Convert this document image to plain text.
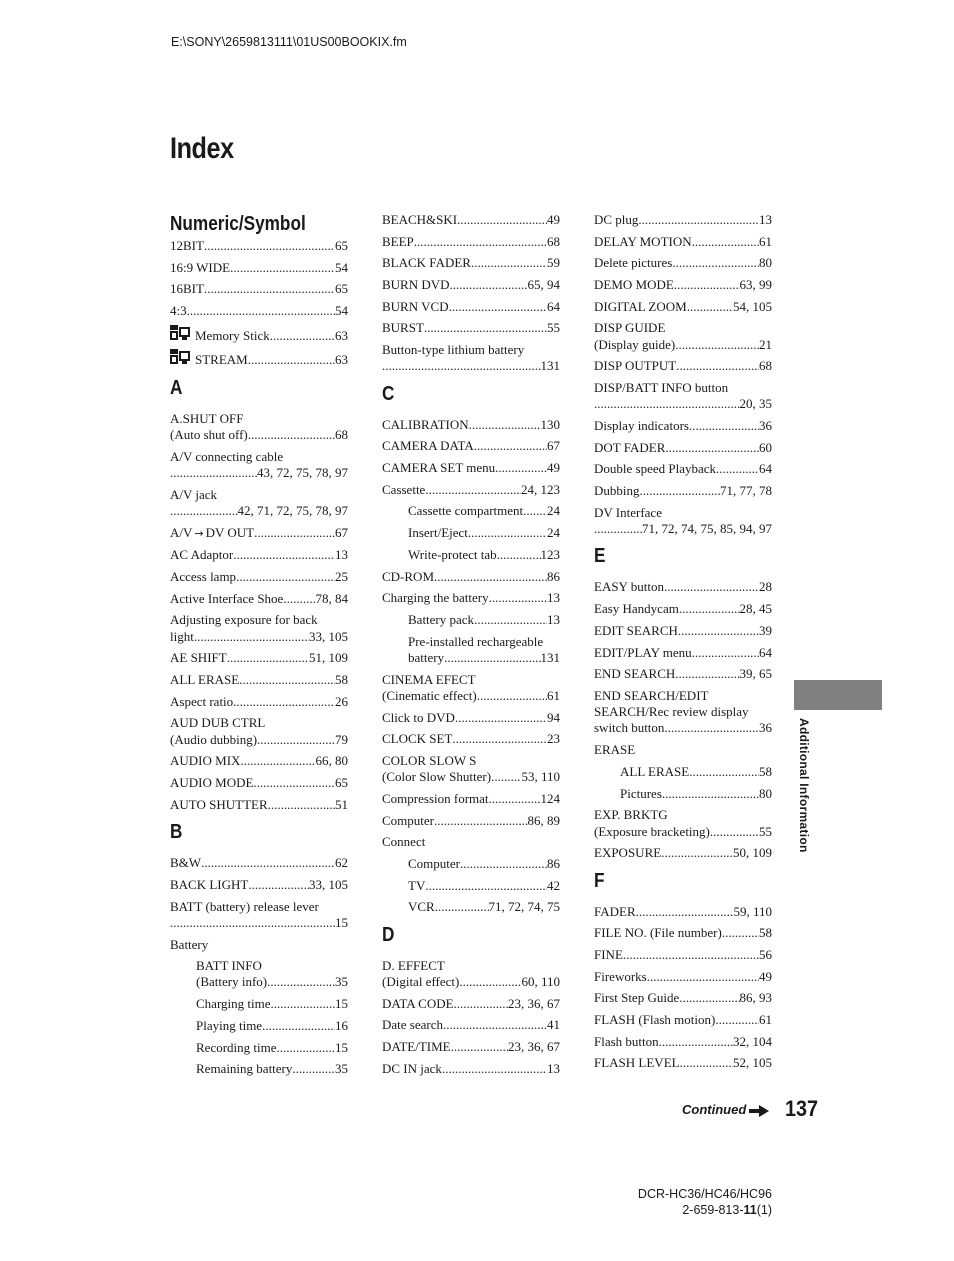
E:\SONY\2659813111\01US00BOOKIX.fm
Index
Numeric/Symbol
12BIT .....	65
16:9 WIDE .....	54
16BIT .....	65
4:3 .....	54
Memory Stick .....	63
STREAM .....	63
A
A.SHUT OFF
(Auto shut off) .....	68
A/V connecting cable
.....
43, 72, 75, 78, 97
A/V jack
.....
42, 71, 72, 75, 78, 97
A/V → DV OUT .....	67
AC Adaptor .....	13
Access lamp .....	25
Active Interface Shoe ..... 78, 84
Adjusting exposure for back
light .....	33, 105
AE SHIFT .....	51, 109
ALL ERASE .....	58
Aspect ratio .....	26
AUD DUB CTRL
(Audio dubbing) .....	79
AUDIO MIX .....	66, 80
AUDIO MODE .....	65
AUTO SHUTTER .....	51
B
B&W .....	62
BACK LIGHT .....	33, 105
BATT (battery) release lever
.....
15
Battery
BATT INFO
(Battery info) .....	35
Charging time .....	15
Playing time .....	16
Recording time .....	15
Remaining battery .....	35
BEACH&SKI .....	49
BEEP .....	68
BLACK FADER .....	59
BURN DVD .....	65, 94
BURN VCD .....	64
BURST .....	55
Button-type lithium battery
.....
131
C
CALIBRATION .....	130
CAMERA DATA .....	67
CAMERA SET menu .....	49
Cassette .....	24, 123
Cassette compartment ..... 24
Insert/Eject .....	24
Write-protect tab .....	123
CD-ROM .....	86
Charging the battery .....	13
Battery pack .....	13
Pre-installed rechargeable
battery .....	131
CINEMA EFECT
(Cinematic effect) .....	61
Click to DVD .....	94
CLOCK SET .....	23
COLOR SLOW S
(Color Slow Shutter) ..... 53, 110
Compression format .....	124
Computer .....	86, 89
Connect
Computer .....	86
TV .....	42
VCR .....	71, 72, 74, 75
D
D. EFFECT
(Digital effect) .....	60, 110
DATA CODE .....	23, 36, 67
Date search .....	41
DATE/TIME .....	23, 36, 67
DC IN jack .....	13
DC plug .....	13
DELAY MOTION .....	61
Delete pictures .....	80
DEMO MODE .....	63, 99
DIGITAL ZOOM .....	54, 105
DISP GUIDE
(Display guide) .....	21
DISP OUTPUT .....	68
DISP/BATT INFO button
.....
20, 35
Display indicators .....	36
DOT FADER .....	60
Double speed Playback .....	64
Dubbing .....	71, 77, 78
DV Interface
.....
71, 72, 74, 75, 85, 94, 97
E
EASY button .....	28
Easy Handycam .....	28, 45
EDIT SEARCH .....	39
EDIT/PLAY menu .....	64
END SEARCH .....	39, 65
END SEARCH/EDIT
SEARCH/Rec review display
switch button .....	36
ERASE
ALL ERASE .....	58
Pictures .....	80
EXP. BRKTG
(Exposure bracketing) .....	55
EXPOSURE .....	50, 109
F
FADER .....	59, 110
FILE NO. (File number) .....	58
FINE .....	56
Fireworks .....	49
First Step Guide .....	86, 93
FLASH (Flash motion) .....	61
Flash button .....	32, 104
FLASH LEVEL .....	52, 105
Additional Information
Continued	137
DCR-HC36/HC46/HC96
2-659-813-11(1)
